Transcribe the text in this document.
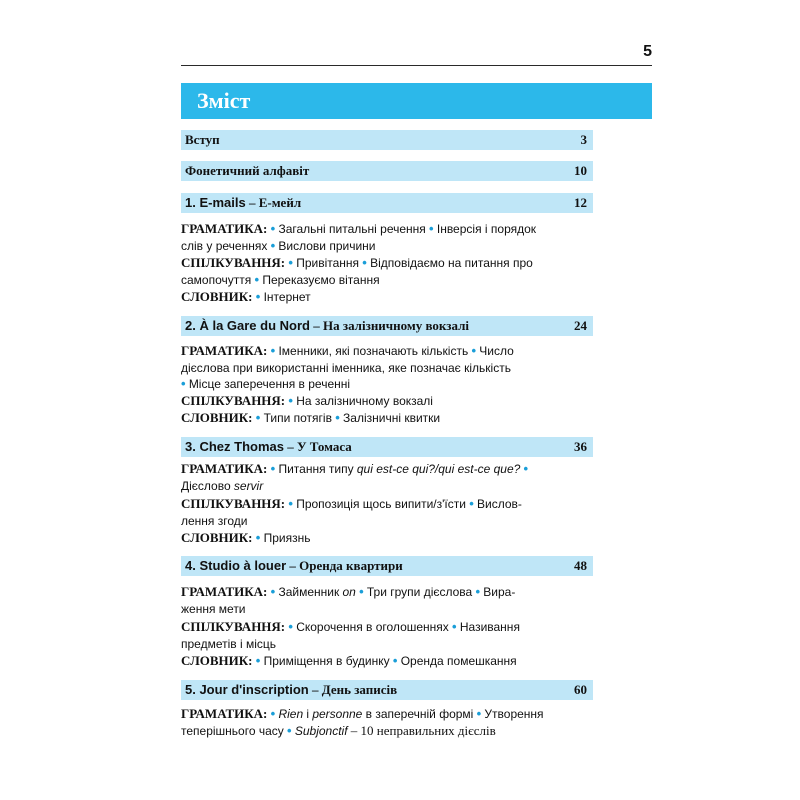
5
Зміст
Вступ	3
Фонетичний алфавіт	10
1. E-mails – Е-мейл	12
ГРАМАТИКА: • Загальні питальні речення • Інверсія і порядок
слів у реченнях • Вислови причини
СПІЛКУВАННЯ: • Привітання • Відповідаємо на питання про
самопочуття • Переказуємо вітання
СЛОВНИК: • Інтернет
2. À la Gare du Nord – На залізничному вокзалі	24
ГРАМАТИКА: • Іменники, які позначають кількість • Число
дієслова при використанні іменника, яке позначає кількість
• Місце заперечення в реченні
СПІЛКУВАННЯ: • На залізничному вокзалі
СЛОВНИК: • Типи потягів • Залізничні квитки
3. Chez Thomas – У Томаса	36
ГРАМАТИКА: • Питання типу qui est-ce qui?/qui est-ce que? •
Дієслово servir
СПІЛКУВАННЯ: • Пропозиція щось випити/з'їсти • Вислов-
лення згоди
СЛОВНИК: • Приязнь
4. Studio à louer – Оренда квартири	48
ГРАМАТИКА: • Займенник on • Три групи дієслова • Вира-
ження мети
СПІЛКУВАННЯ: • Скорочення в оголошеннях • Називання
предметів і місць
СЛОВНИК: • Приміщення в будинку • Оренда помешкання
5. Jour d'inscription – День записів	60
ГРАМАТИКА: • Rien і personne в заперечній формі • Утворення
теперішнього часу • Subjonctif – 10 неправильних дієслів
